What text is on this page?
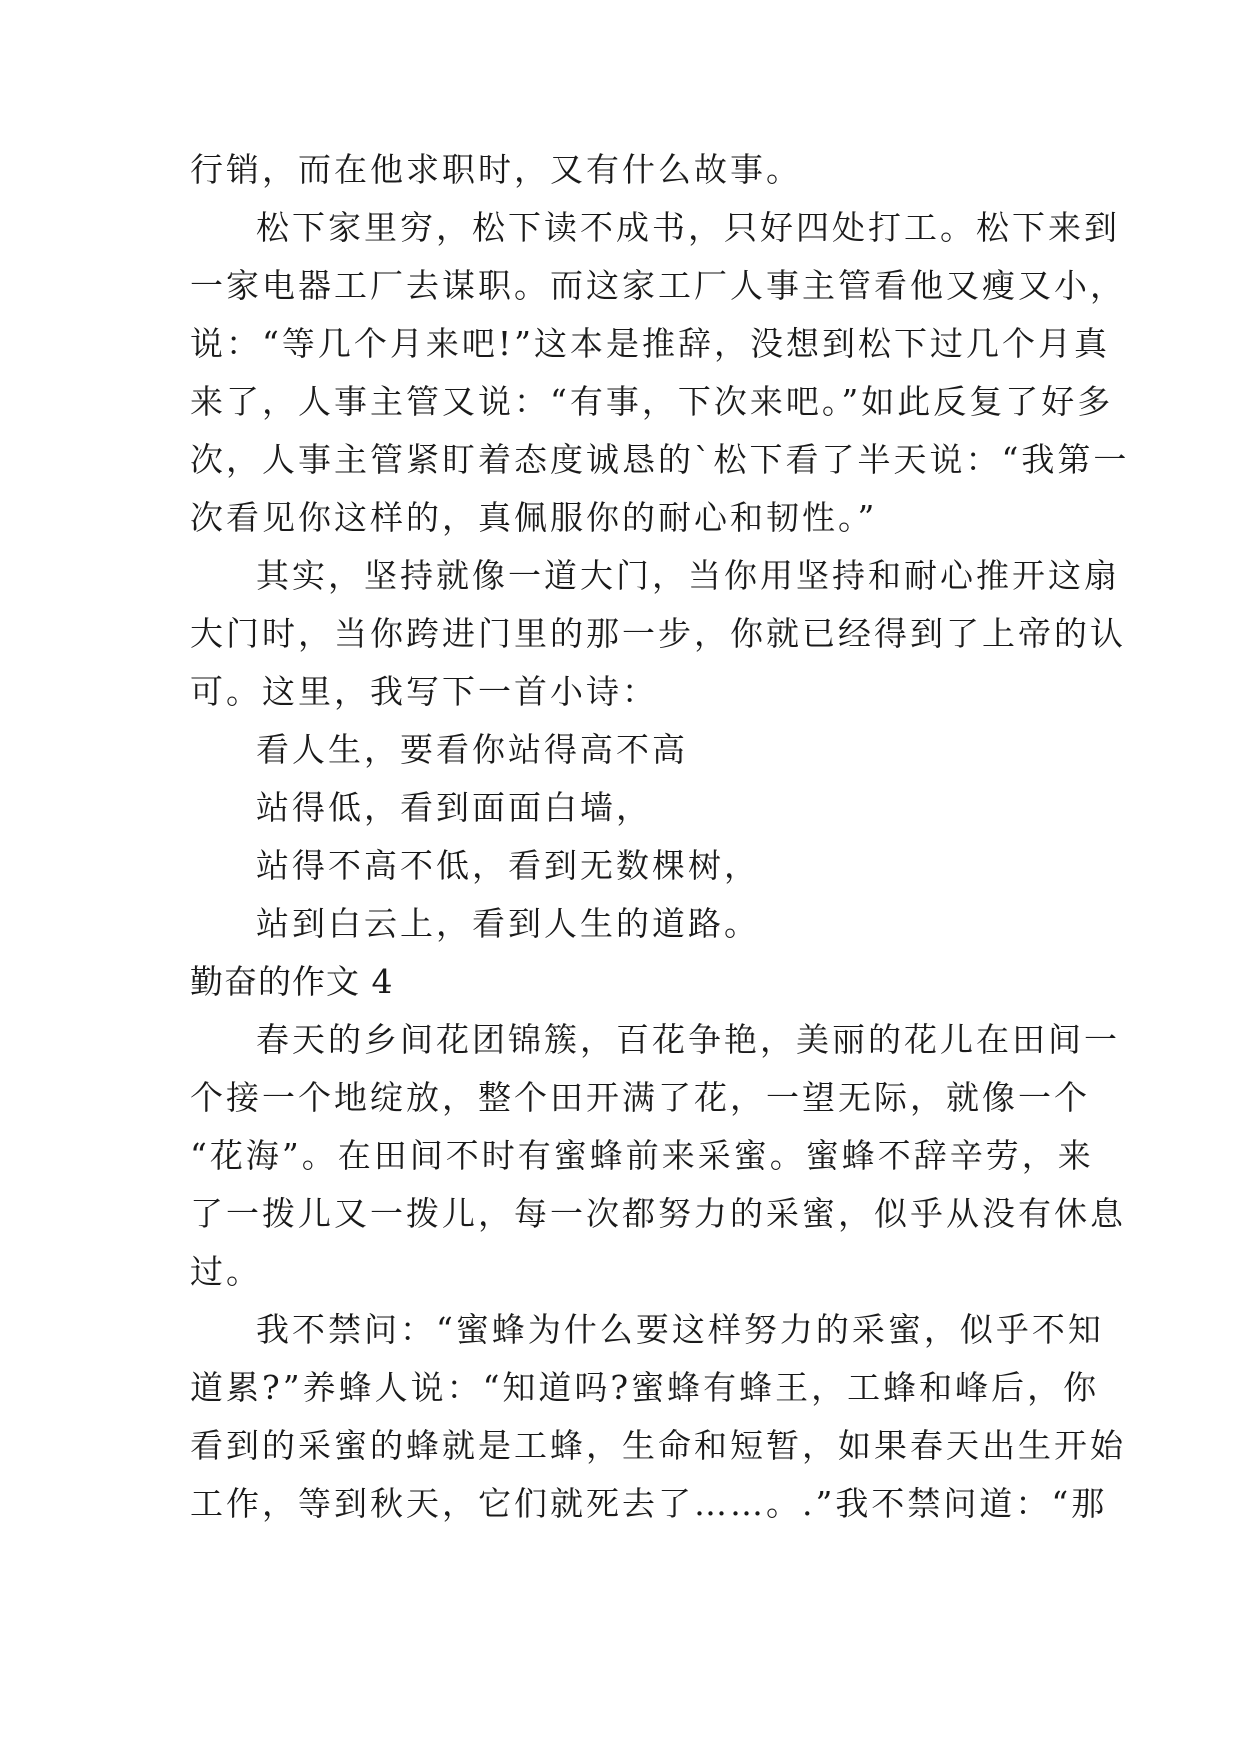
行销，而在他求职时，又有什么故事。
松下家里穷，松下读不成书，只好四处打工。松下来到
一家电器工厂去谋职。而这家工厂人事主管看他又瘦又小，
说：“等几个月来吧!”这本是推辞，没想到松下过几个月真
来了，人事主管又说：“有事，下次来吧。”如此反复了好多
次，人事主管紧盯着态度诚恳的`松下看了半天说：“我第一
次看见你这样的，真佩服你的耐心和韧性。”
其实，坚持就像一道大门，当你用坚持和耐心推开这扇
大门时，当你跨进门里的那一步，你就已经得到了上帝的认
可。这里，我写下一首小诗：
看人生，要看你站得高不高
站得低，看到面面白墙，
站得不高不低，看到无数棵树，
站到白云上，看到人生的道路。
勤奋的作文 4
春天的乡间花团锦簇，百花争艳，美丽的花儿在田间一
个接一个地绽放，整个田开满了花，一望无际，就像一个
“花海”。在田间不时有蜜蜂前来采蜜。蜜蜂不辞辛劳，来
了一拨儿又一拨儿，每一次都努力的采蜜，似乎从没有休息
过。
我不禁问：“蜜蜂为什么要这样努力的采蜜，似乎不知
道累?”养蜂人说：“知道吗?蜜蜂有蜂王，工蜂和峰后，你
看到的采蜜的蜂就是工蜂，生命和短暂，如果春天出生开始
工作，等到秋天，它们就死去了……。.”我不禁问道：“那
